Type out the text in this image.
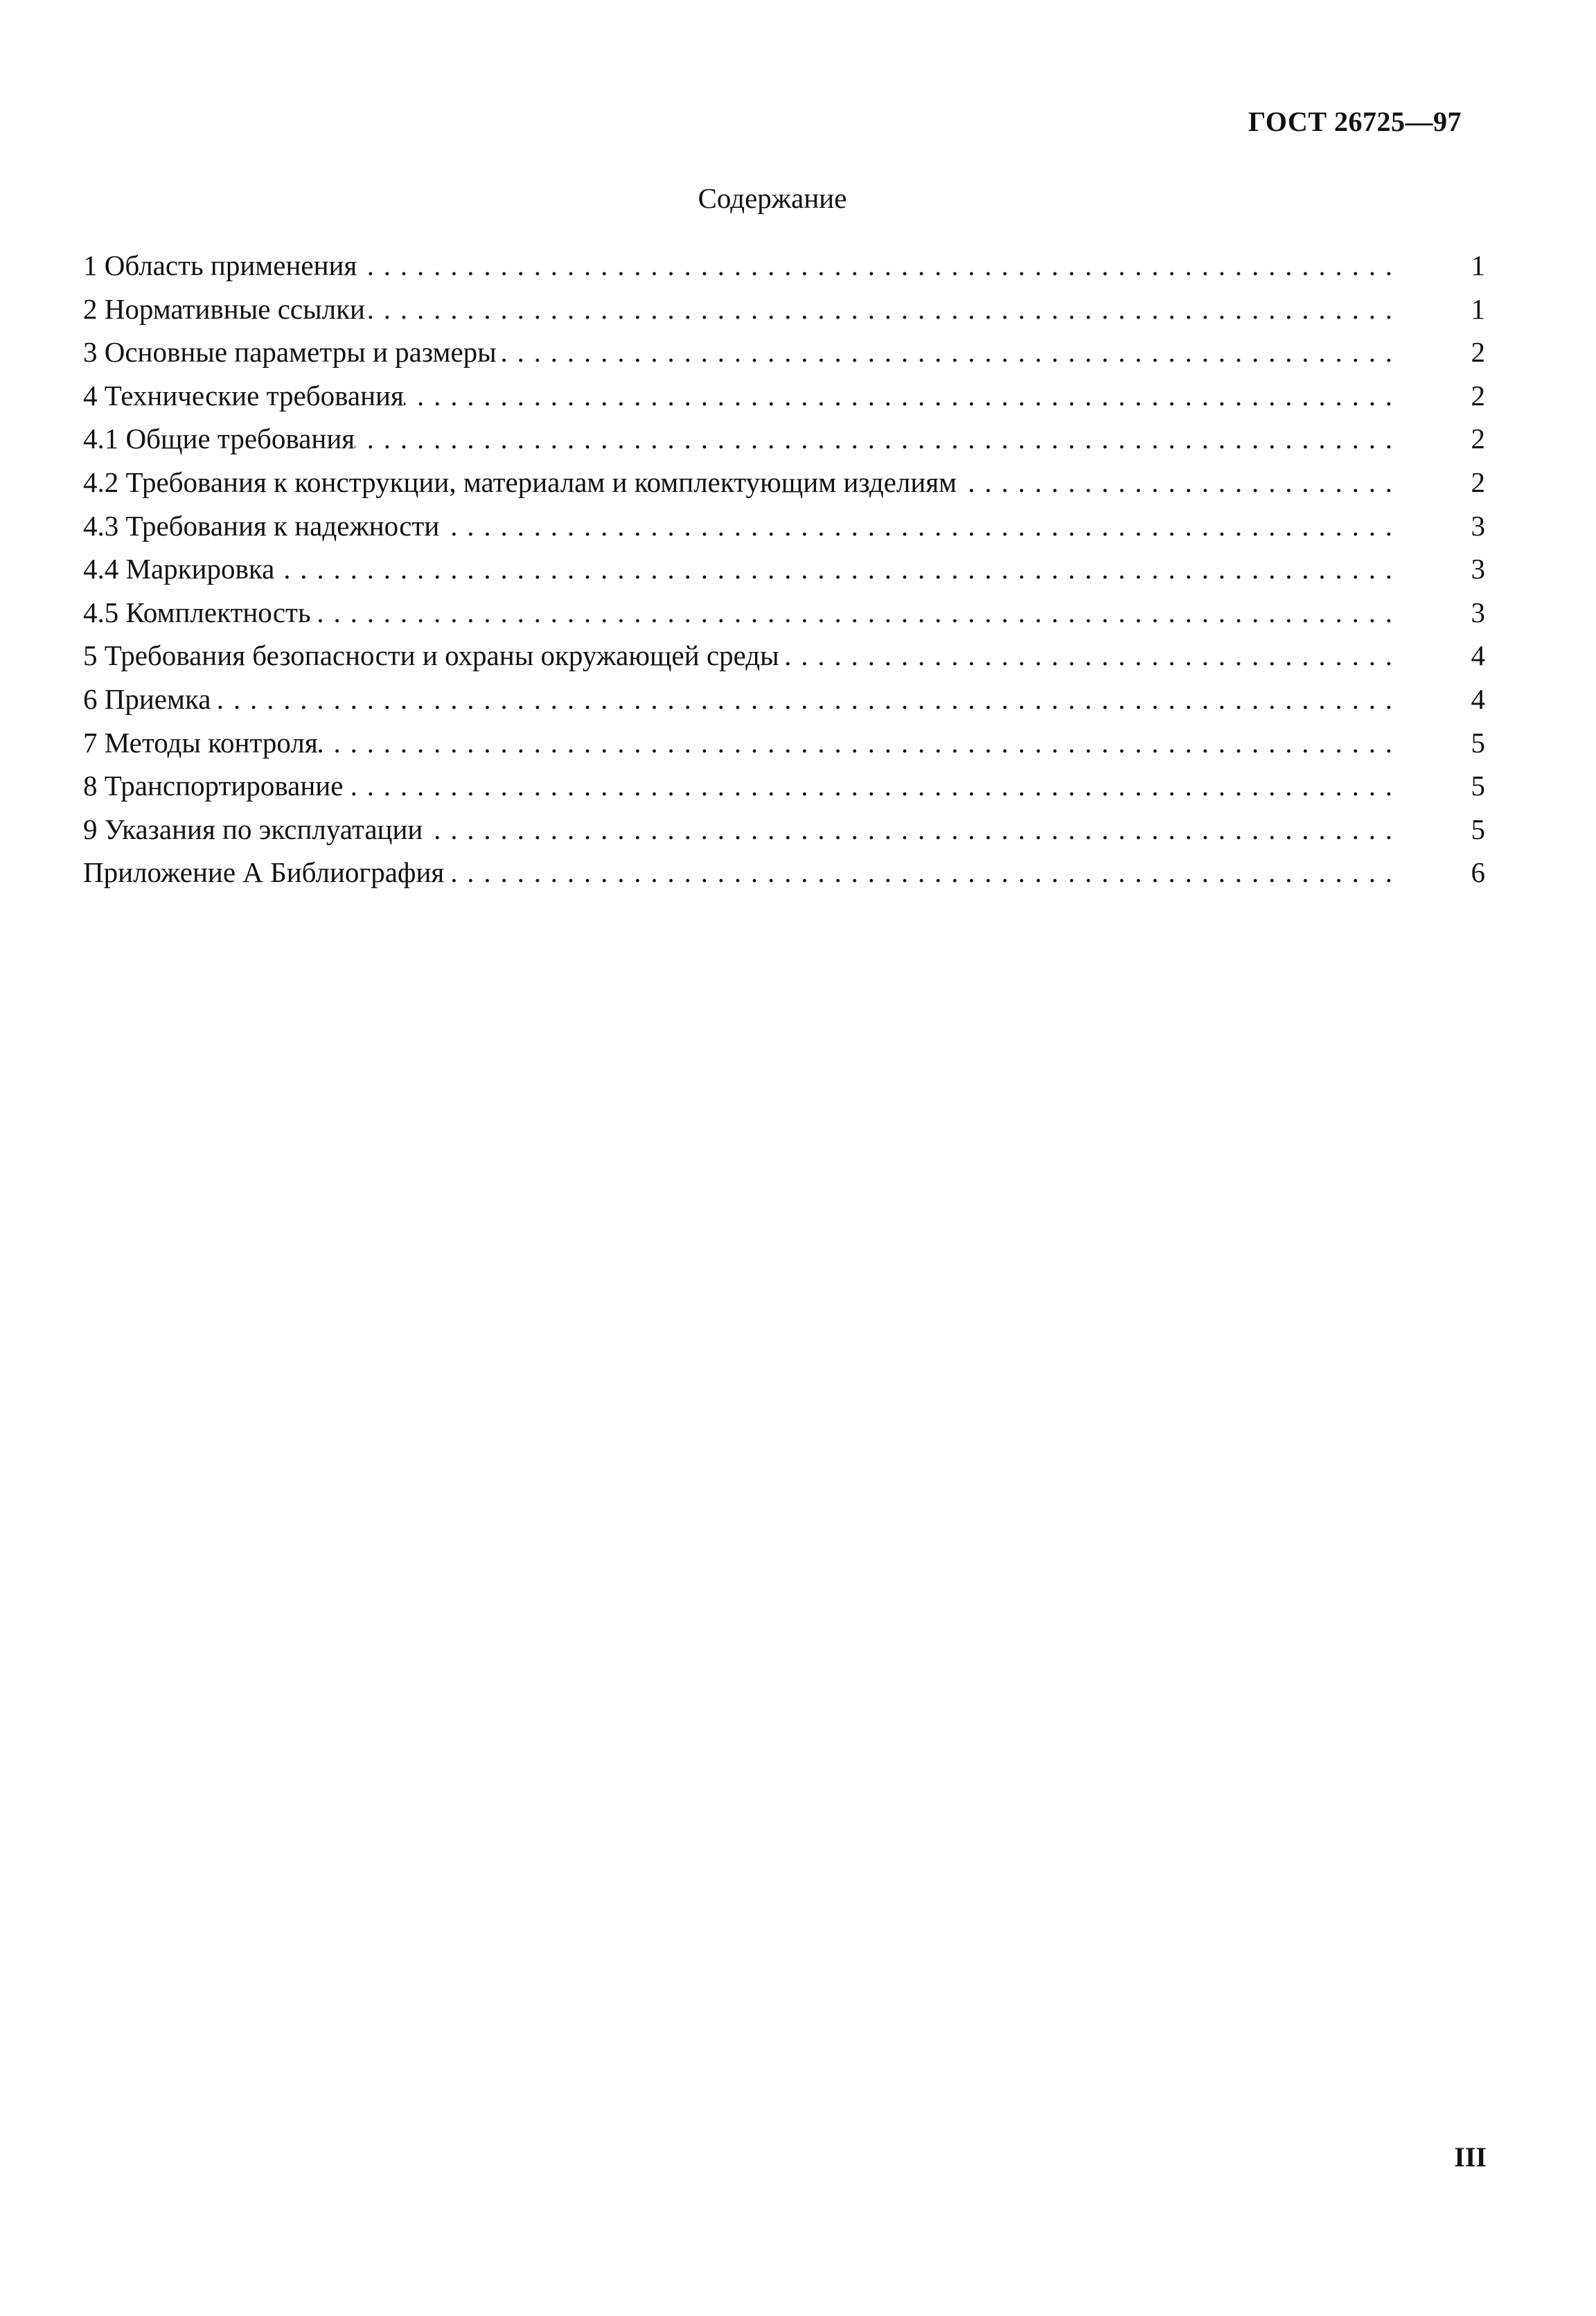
ГОСТ 26725—97
Содержание
1 Область применения . . .	1
2 Нормативные ссылки . . .	1
3 Основные параметры и размеры . . .	2
4 Технические требования . . .	2
4.1 Общие требования . . .	2
4.2 Требования к конструкции, материалам и комплектующим изделиям . . .	2
4.3 Требования к надежности . . .	3
4.4 Маркировка . . .	3
4.5 Комплектность . . .	3
5 Требования безопасности и охраны окружающей среды . . .	4
6 Приемка . . .	4
7 Методы контроля . . .	5
8 Транспортирование . . .	5
9 Указания по эксплуатации . . .	5
Приложение А Библиография . . .	6
III
